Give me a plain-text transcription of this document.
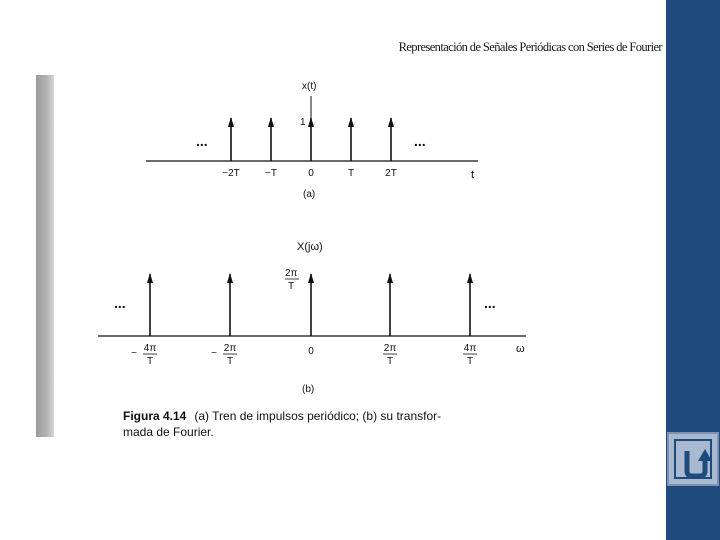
Representación de Señales Periódicas con Series de Fourier
x(t)
1
t
...	...
−2T	−T	0	T	2T
(a)
X(jω)
2π
T
ω
...	...
− 4π
T
− 2π
T
0	2π
T
4π
T
(b)
Figura 4.14 (a) Tren de impulsos periódico; (b) su transfor-
mada de Fourier.
